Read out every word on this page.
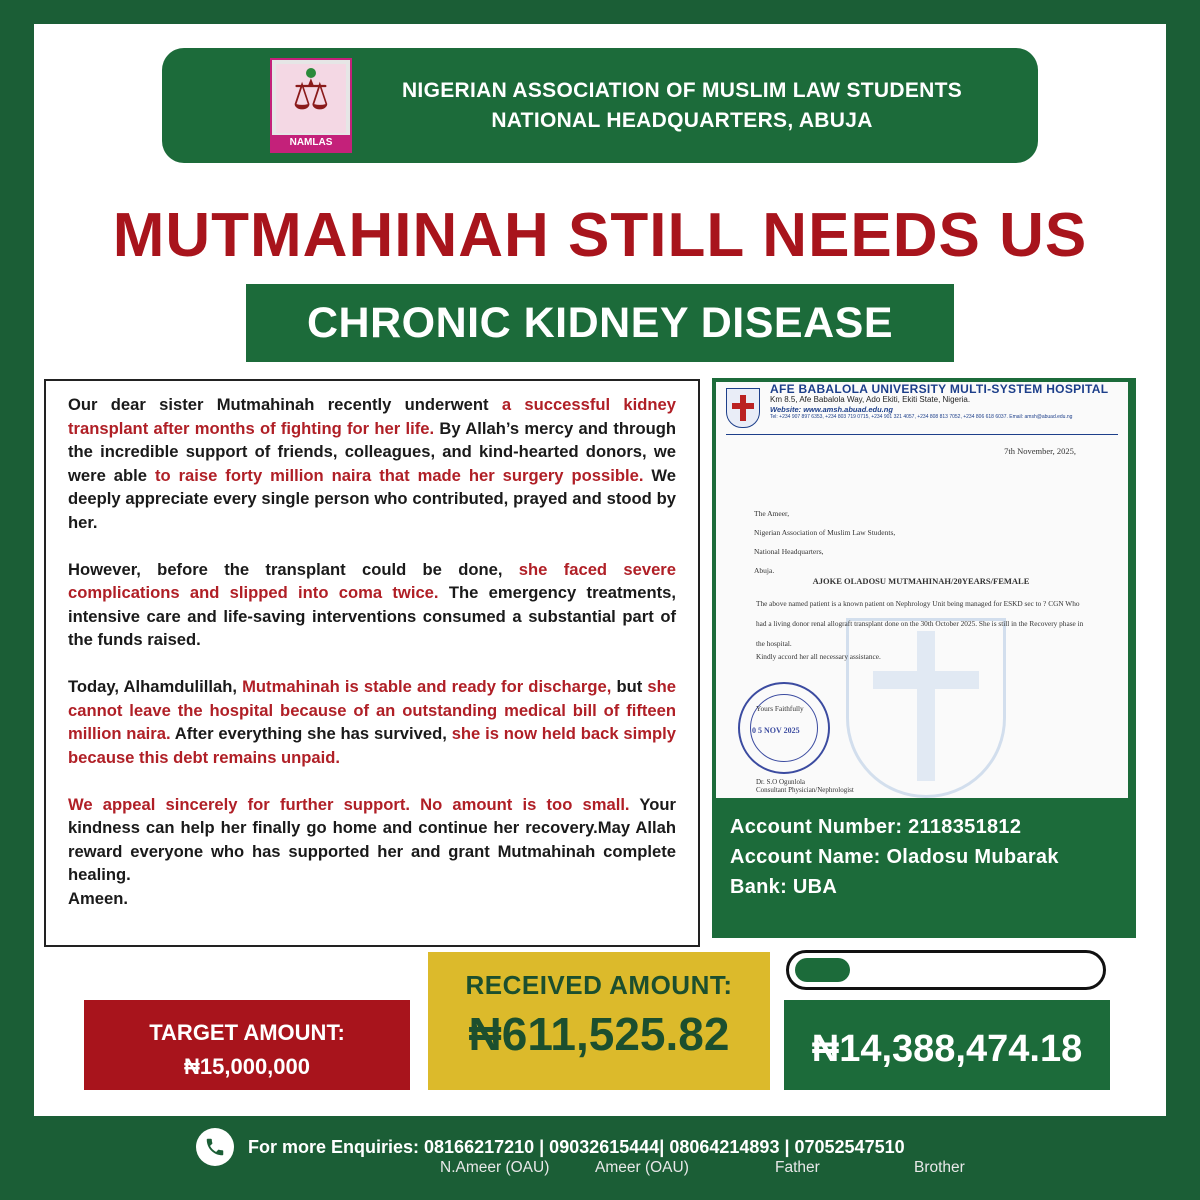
⚖
NAMLAS
NIGERIAN ASSOCIATION OF MUSLIM LAW STUDENTS
NATIONAL HEADQUARTERS, ABUJA
MUTMAHINAH STILL NEEDS US
CHRONIC KIDNEY DISEASE

Our dear sister Mutmahinah recently underwent a successful kidney transplant after months of fighting for her life. By Allah’s mercy and through the incredible support of friends, colleagues, and kind-hearted donors, we were able to raise forty million naira that made her surgery possible. We deeply appreciate every single person who contributed, prayed and stood by her.

However, before the transplant could be done, she faced severe complications and slipped into coma twice. The emergency treatments, intensive care and life-saving interventions consumed a substantial part of the funds raised.

Today, Alhamdulillah, Mutmahinah is stable and ready for discharge, but she cannot leave the hospital because of an outstanding medical bill of fifteen million naira. After everything she has survived, she is now held back simply because this debt remains unpaid.

We appeal sincerely for further support. No amount is too small. Your kindness can help her finally go home and continue her recovery.May Allah reward everyone who has supported her and grant Mutmahinah complete healing.

Ameen.
AFE BABALOLA UNIVERSITY MULTI-SYSTEM HOSPITAL
Km 8.5, Afe Babalola Way, Ado Ekiti, Ekiti State, Nigeria.
Website: www.amsh.abuad.edu.ng
Tel: +234 907 897 6353, +234 803 719 0715, +234 901 321 4057, +234 808 813 7052, +234 806 618 6037. Email: amsh@abuad.edu.ng
7th November, 2025,
The Ameer,
Nigerian Association of Muslim Law Students,
National Headquarters,
Abuja.
AJOKE OLADOSU MUTMAHINAH/20YEARS/FEMALE
The above named patient is a known patient on Nephrology Unit being managed for ESKD sec to ? CGN Who had a living donor renal allograft transplant done on the 30th October 2025. She is still in the Recovery phase in the hospital.
Kindly accord her all necessary assistance.
0 5 NOV 2025
Yours Faithfully
Dr. S.O Ogunlola
Consultant Physician/Nephrologist
Account Number: 2118351812
Account Name: Oladosu Mubarak
Bank: UBA
TARGET AMOUNT:
₦15,000,000
RECEIVED AMOUNT:
₦611,525.82	₦14,388,474.18
For more Enquiries: 08166217210 | 09032615444| 08064214893 | 07052547510
N.Ameer (OAU)	Ameer (OAU)	Father	Brother
